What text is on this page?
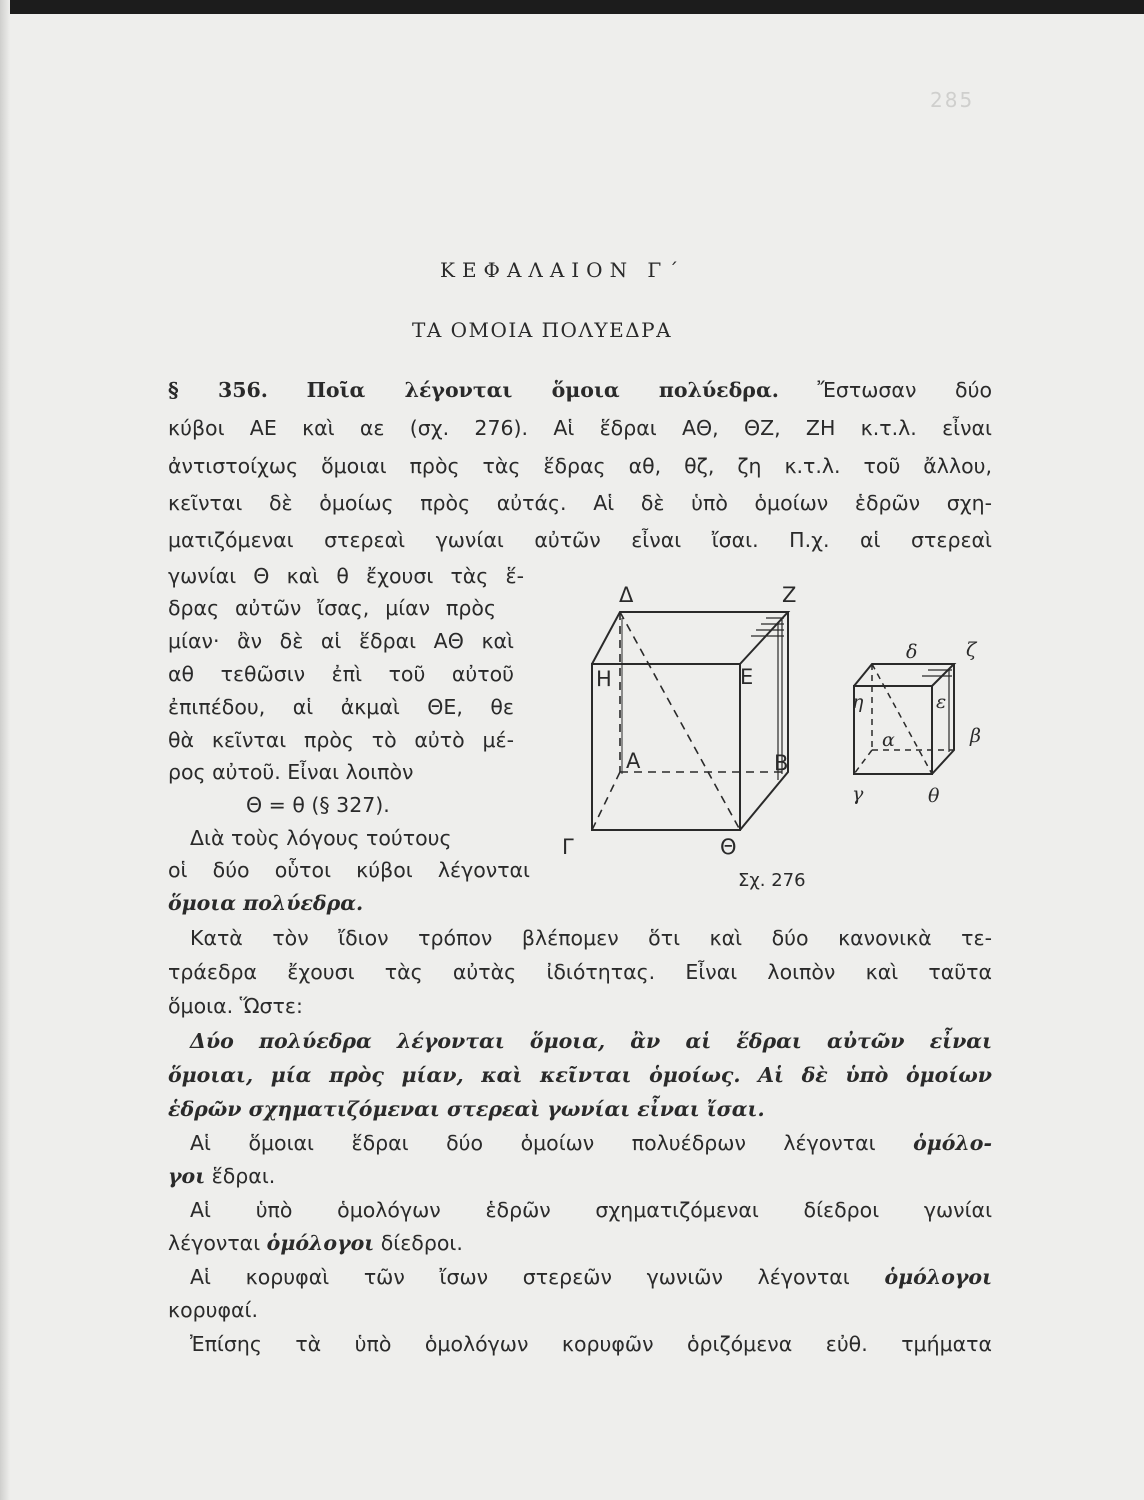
285
ΚΕΦΑΛΑΙΟΝ Γ΄
ΤΑ ΟΜΟΙΑ ΠΟΛΥΕΔΡΑ
§ 356. Ποῖα λέγονται ὅμοια πολύεδρα. Ἔστωσαν δύο
κύβοι ΑΕ καὶ αε (σχ. 276). Αἱ ἕδραι ΑΘ, ΘΖ, ΖΗ κ.τ.λ. εἶναι
ἀντιστοίχως ὅμοιαι πρὸς τὰς ἕδρας αθ, θζ, ζη κ.τ.λ. τοῦ ἄλλου,
κεῖνται δὲ ὁμοίως πρὸς αὐτάς. Αἱ δὲ ὑπὸ ὁμοίων ἑδρῶν σχη-
ματιζόμεναι στερεαὶ γωνίαι αὐτῶν εἶναι ἴσαι. Π.χ. αἱ στερεαὶ
γωνίαι Θ καὶ θ ἔχουσι τὰς ἕ-
δρας αὐτῶν ἴσας, μίαν πρὸς
μίαν· ἂν δὲ αἱ ἕδραι ΑΘ καὶ
αθ τεθῶσιν ἐπὶ τοῦ αὐτοῦ
ἐπιπέδου, αἱ ἀκμαὶ ΘΕ, θε
θὰ κεῖνται πρὸς τὸ αὐτὸ μέ-
ρος αὐτοῦ. Εἶναι λοιπὸν
Θ = θ (§ 327).
Διὰ τοὺς λόγους τούτους
οἱ δύο οὗτοι κύβοι λέγονται
ὅμοια πολύεδρα.
Κατὰ τὸν ἴδιον τρόπον βλέπομεν ὅτι καὶ δύο κανονικὰ τε-
τράεδρα ἔχουσι τὰς αὐτὰς ἰδιότητας. Εἶναι λοιπὸν καὶ ταῦτα
ὅμοια. Ὥστε:
Δύο πολύεδρα λέγονται ὅμοια, ἂν αἱ ἕδραι αὐτῶν εἶναι
ὅμοιαι, μία πρὸς μίαν, καὶ κεῖνται ὁμοίως. Αἱ δὲ ὑπὸ ὁμοίων
ἑδρῶν σχηματιζόμεναι στερεαὶ γωνίαι εἶναι ἴσαι.
Αἱ ὅμοιαι ἕδραι δύο ὁμοίων πολυέδρων λέγονται ὁμόλο-
γοι ἕδραι.
Αἱ ὑπὸ ὁμολόγων ἑδρῶν σχηματιζόμεναι δίεδροι γωνίαι
λέγονται ὁμόλογοι δίεδροι.
Αἱ κορυφαὶ τῶν ἴσων στερεῶν γωνιῶν λέγονται ὁμόλογοι
κορυφαί.
Ἐπίσης τὰ ὑπὸ ὁμολόγων κορυφῶν ὁριζόμενα εὐθ. τμήματα
Δ	Ζ
Η	Ε
Α	Β
Γ	Θ
δ	ζ
η	ε
α	β
γ	θ
Σχ. 276
